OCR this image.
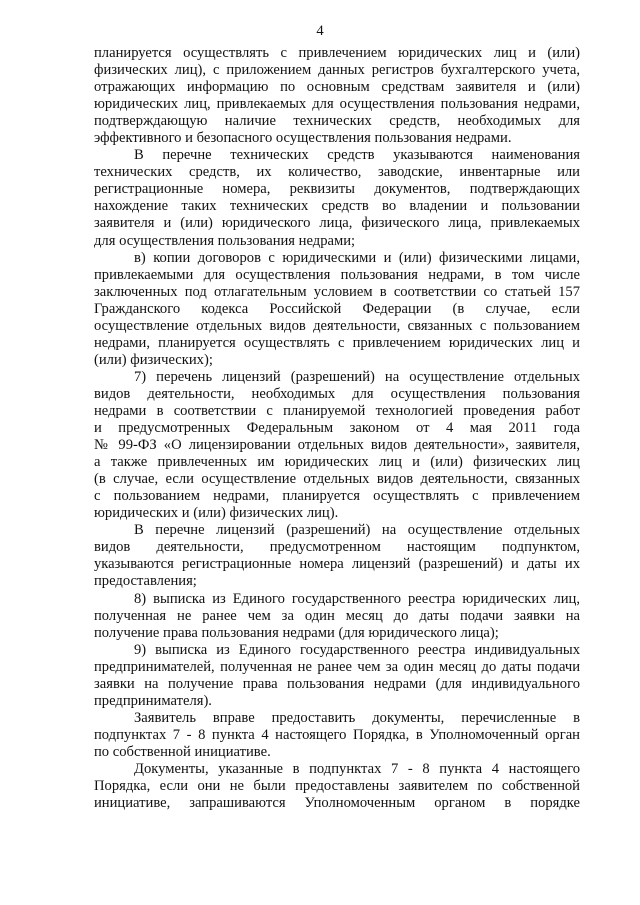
4
планируется осуществлять с привлечением юридических лиц и (или)
физических лиц), с приложением данных регистров бухгалтерского учета,
отражающих информацию по основным средствам заявителя и (или)
юридических лиц, привлекаемых для осуществления пользования недрами,
подтверждающую наличие технических средств, необходимых для
эффективного и безопасного осуществления пользования недрами.
В перечне технических средств указываются наименования
технических средств, их количество, заводские, инвентарные или
регистрационные номера, реквизиты документов, подтверждающих
нахождение таких технических средств во владении и пользовании
заявителя и (или) юридического лица, физического лица, привлекаемых
для осуществления пользования недрами;
в) копии договоров с юридическими и (или) физическими лицами,
привлекаемыми для осуществления пользования недрами, в том числе
заключенных под отлагательным условием в соответствии со статьей 157
Гражданского кодекса Российской Федерации (в случае, если
осуществление отдельных видов деятельности, связанных с пользованием
недрами, планируется осуществлять с привлечением юридических лиц и
(или) физических);
7) перечень лицензий (разрешений) на осуществление отдельных
видов деятельности, необходимых для осуществления пользования
недрами в соответствии с планируемой технологией проведения работ
и предусмотренных Федеральным законом от 4 мая 2011 года
№ 99-ФЗ «О лицензировании отдельных видов деятельности», заявителя,
а также привлеченных им юридических лиц и (или) физических лиц
(в случае, если осуществление отдельных видов деятельности, связанных
с пользованием недрами, планируется осуществлять с привлечением
юридических и (или) физических лиц).
В перечне лицензий (разрешений) на осуществление отдельных
видов деятельности, предусмотренном настоящим подпунктом,
указываются регистрационные номера лицензий (разрешений) и даты их
предоставления;
8) выписка из Единого государственного реестра юридических лиц,
полученная не ранее чем за один месяц до даты подачи заявки на
получение права пользования недрами (для юридического лица);
9) выписка из Единого государственного реестра индивидуальных
предпринимателей, полученная не ранее чем за один месяц до даты подачи
заявки на получение права пользования недрами (для индивидуального
предпринимателя).
Заявитель вправе предоставить документы, перечисленные в
подпунктах 7 - 8 пункта 4 настоящего Порядка, в Уполномоченный орган
по собственной инициативе.
Документы, указанные в подпунктах 7 - 8 пункта 4 настоящего
Порядка, если они не были предоставлены заявителем по собственной
инициативе, запрашиваются Уполномоченным органом в порядке
